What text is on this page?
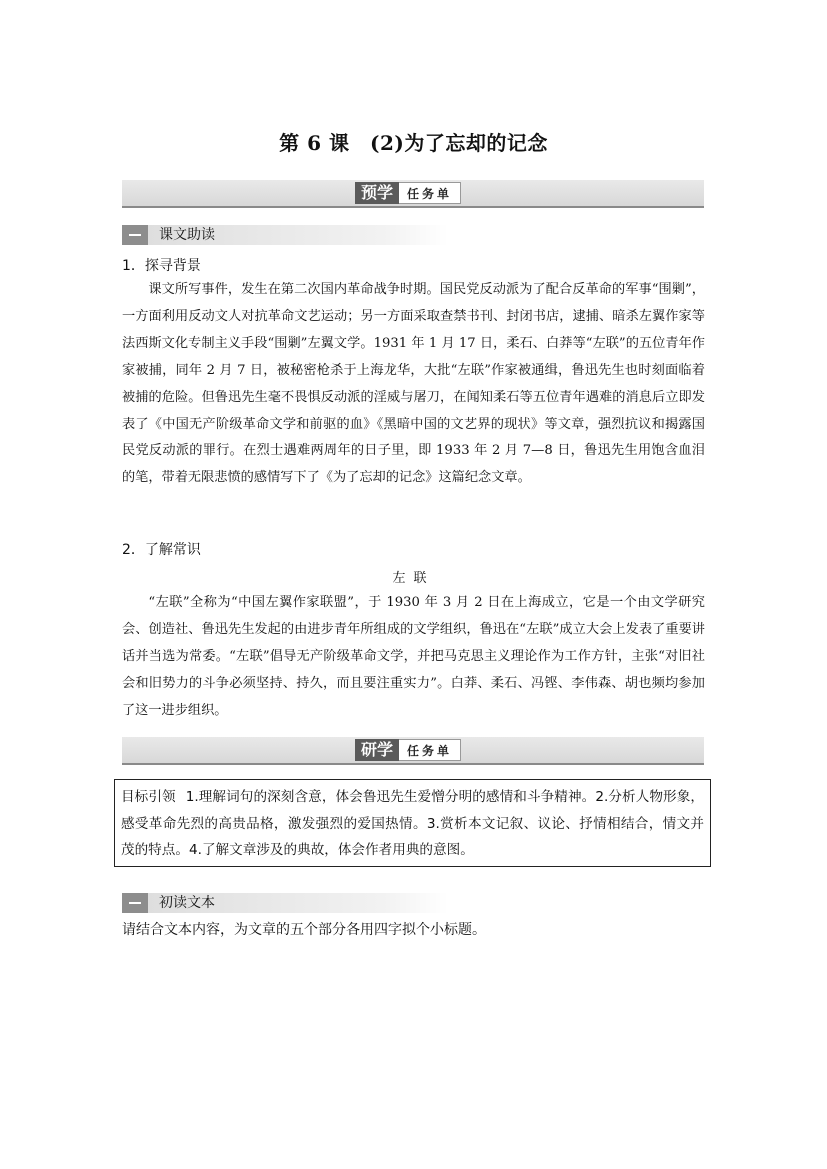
第 6 课　(2)为了忘却的记念
预学	任务单
课文助读
1．探寻背景

课文所写事件，发生在第二次国内革命战争时期。国民党反动派为了配合反革命的军事“围剿”，一方面利用反动文人对抗革命文艺运动；另一方面采取查禁书刊、封闭书店，逮捕、暗杀左翼作家等法西斯文化专制主义手段“围剿”左翼文学。1931 年 1 月 17 日，柔石、白莽等“左联”的五位青年作家被捕，同年 2 月 7 日，被秘密枪杀于上海龙华，大批“左联”作家被通缉，鲁迅先生也时刻面临着被捕的危险。但鲁迅先生毫不畏惧反动派的淫威与屠刀，在闻知柔石等五位青年遇难的消息后立即发表了《中国无产阶级革命文学和前驱的血》《黑暗中国的文艺界的现状》等文章，强烈抗议和揭露国民党反动派的罪行。在烈士遇难两周年的日子里，即 1933 年 2 月 7—8 日，鲁迅先生用饱含血泪的笔，带着无限悲愤的感情写下了《为了忘却的记念》这篇纪念文章。

2．了解常识
左联

“左联”全称为“中国左翼作家联盟”，于 1930 年 3 月 2 日在上海成立，它是一个由文学研究会、创造社、鲁迅先生发起的由进步青年所组成的文学组织，鲁迅在“左联”成立大会上发表了重要讲话并当选为常委。“左联”倡导无产阶级革命文学，并把马克思主义理论作为工作方针，主张“对旧社会和旧势力的斗争必须坚持、持久，而且要注重实力”。白莽、柔石、冯铿、李伟森、胡也频均参加了这一进步组织。

研学	任务单
目标引领 1.理解词句的深刻含意，体会鲁迅先生爱憎分明的感情和斗争精神。2.分析人物形象，感受革命先烈的高贵品格，激发强烈的爱国热情。3.赏析本文记叙、议论、抒情相结合，情文并茂的特点。4.了解文章涉及的典故，体会作者用典的意图。
初读文本
请结合文本内容，为文章的五个部分各用四字拟个小标题。
